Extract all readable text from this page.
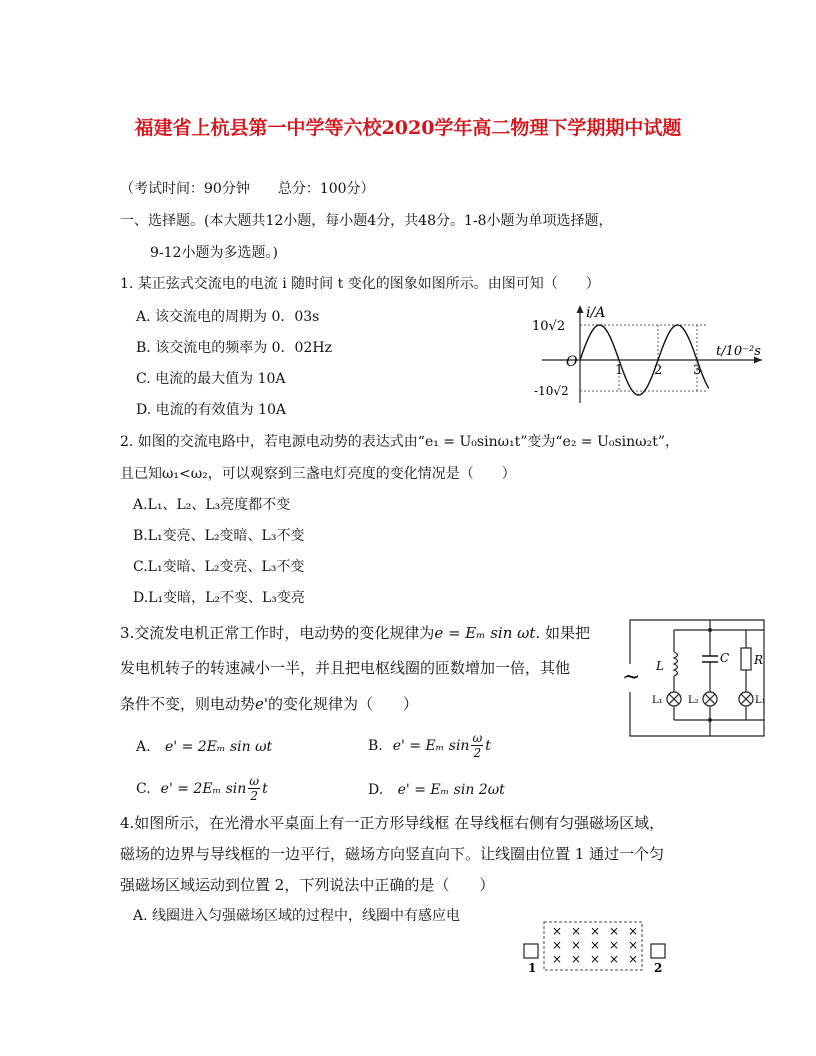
福建省上杭县第一中学等六校2020学年高二物理下学期期中试题
（考试时间：90分钟　　总分：100分）
一、选择题。(本大题共12小题，每小题4分，共48分。1-8小题为单项选择题，
9-12小题为多选题。)
1. 某正弦式交流电的电流 i 随时间 t 变化的图象如图所示。由图可知（　　）
A. 该交流电的周期为 0．03s
B. 该交流电的频率为 0．02Hz
C. 电流的最大值为 10A
D. 电流的有效值为 10A
i/A
t/10⁻²s
10√2
-10√2
O
1 2 3
2. 如图的交流电路中，若电源电动势的表达式由“e₁ = U₀sinω₁t”变为“e₂ = U₀sinω₂t”，
且已知ω₁<ω₂，可以观察到三盏电灯亮度的变化情况是（　　）
A.L₁、L₂、L₃亮度都不变
B.L₁变亮、L₂变暗、L₃不变
C.L₁变暗、L₂变亮、L₃不变
D.L₁变暗，L₂不变、L₃变亮
3.交流发电机正常工作时，电动势的变化规律为e = Eₘ sin ωt. 如果把
发电机转子的转速减小一半，并且把电枢线圈的匝数增加一倍，其他
条件不变，则电动势e'的变化规律为（　　）
A. e' = 2Eₘ sin ωt	B. e' = Eₘ $\sin \frac{\omega}{2}$ t
C. e' = 2Eₘ $\sin \frac{\omega}{2}$ t	D. e' = Eₘ sin 2ωt
~ L
C R
L₁	L₂	L₁
4.如图所示，在光滑水平桌面上有一正方形导线框 在导线框右侧有匀强磁场区域，
磁场的边界与导线框的一边平行，磁场方向竖直向下。让线圈由位置 1 通过一个匀
强磁场区域运动到位置 2，下列说法中正确的是（　　）
A. 线圈进入匀强磁场区域的过程中，线圈中有感应电
× × × × ×
× × × × ×
× × × × ×
1	2
